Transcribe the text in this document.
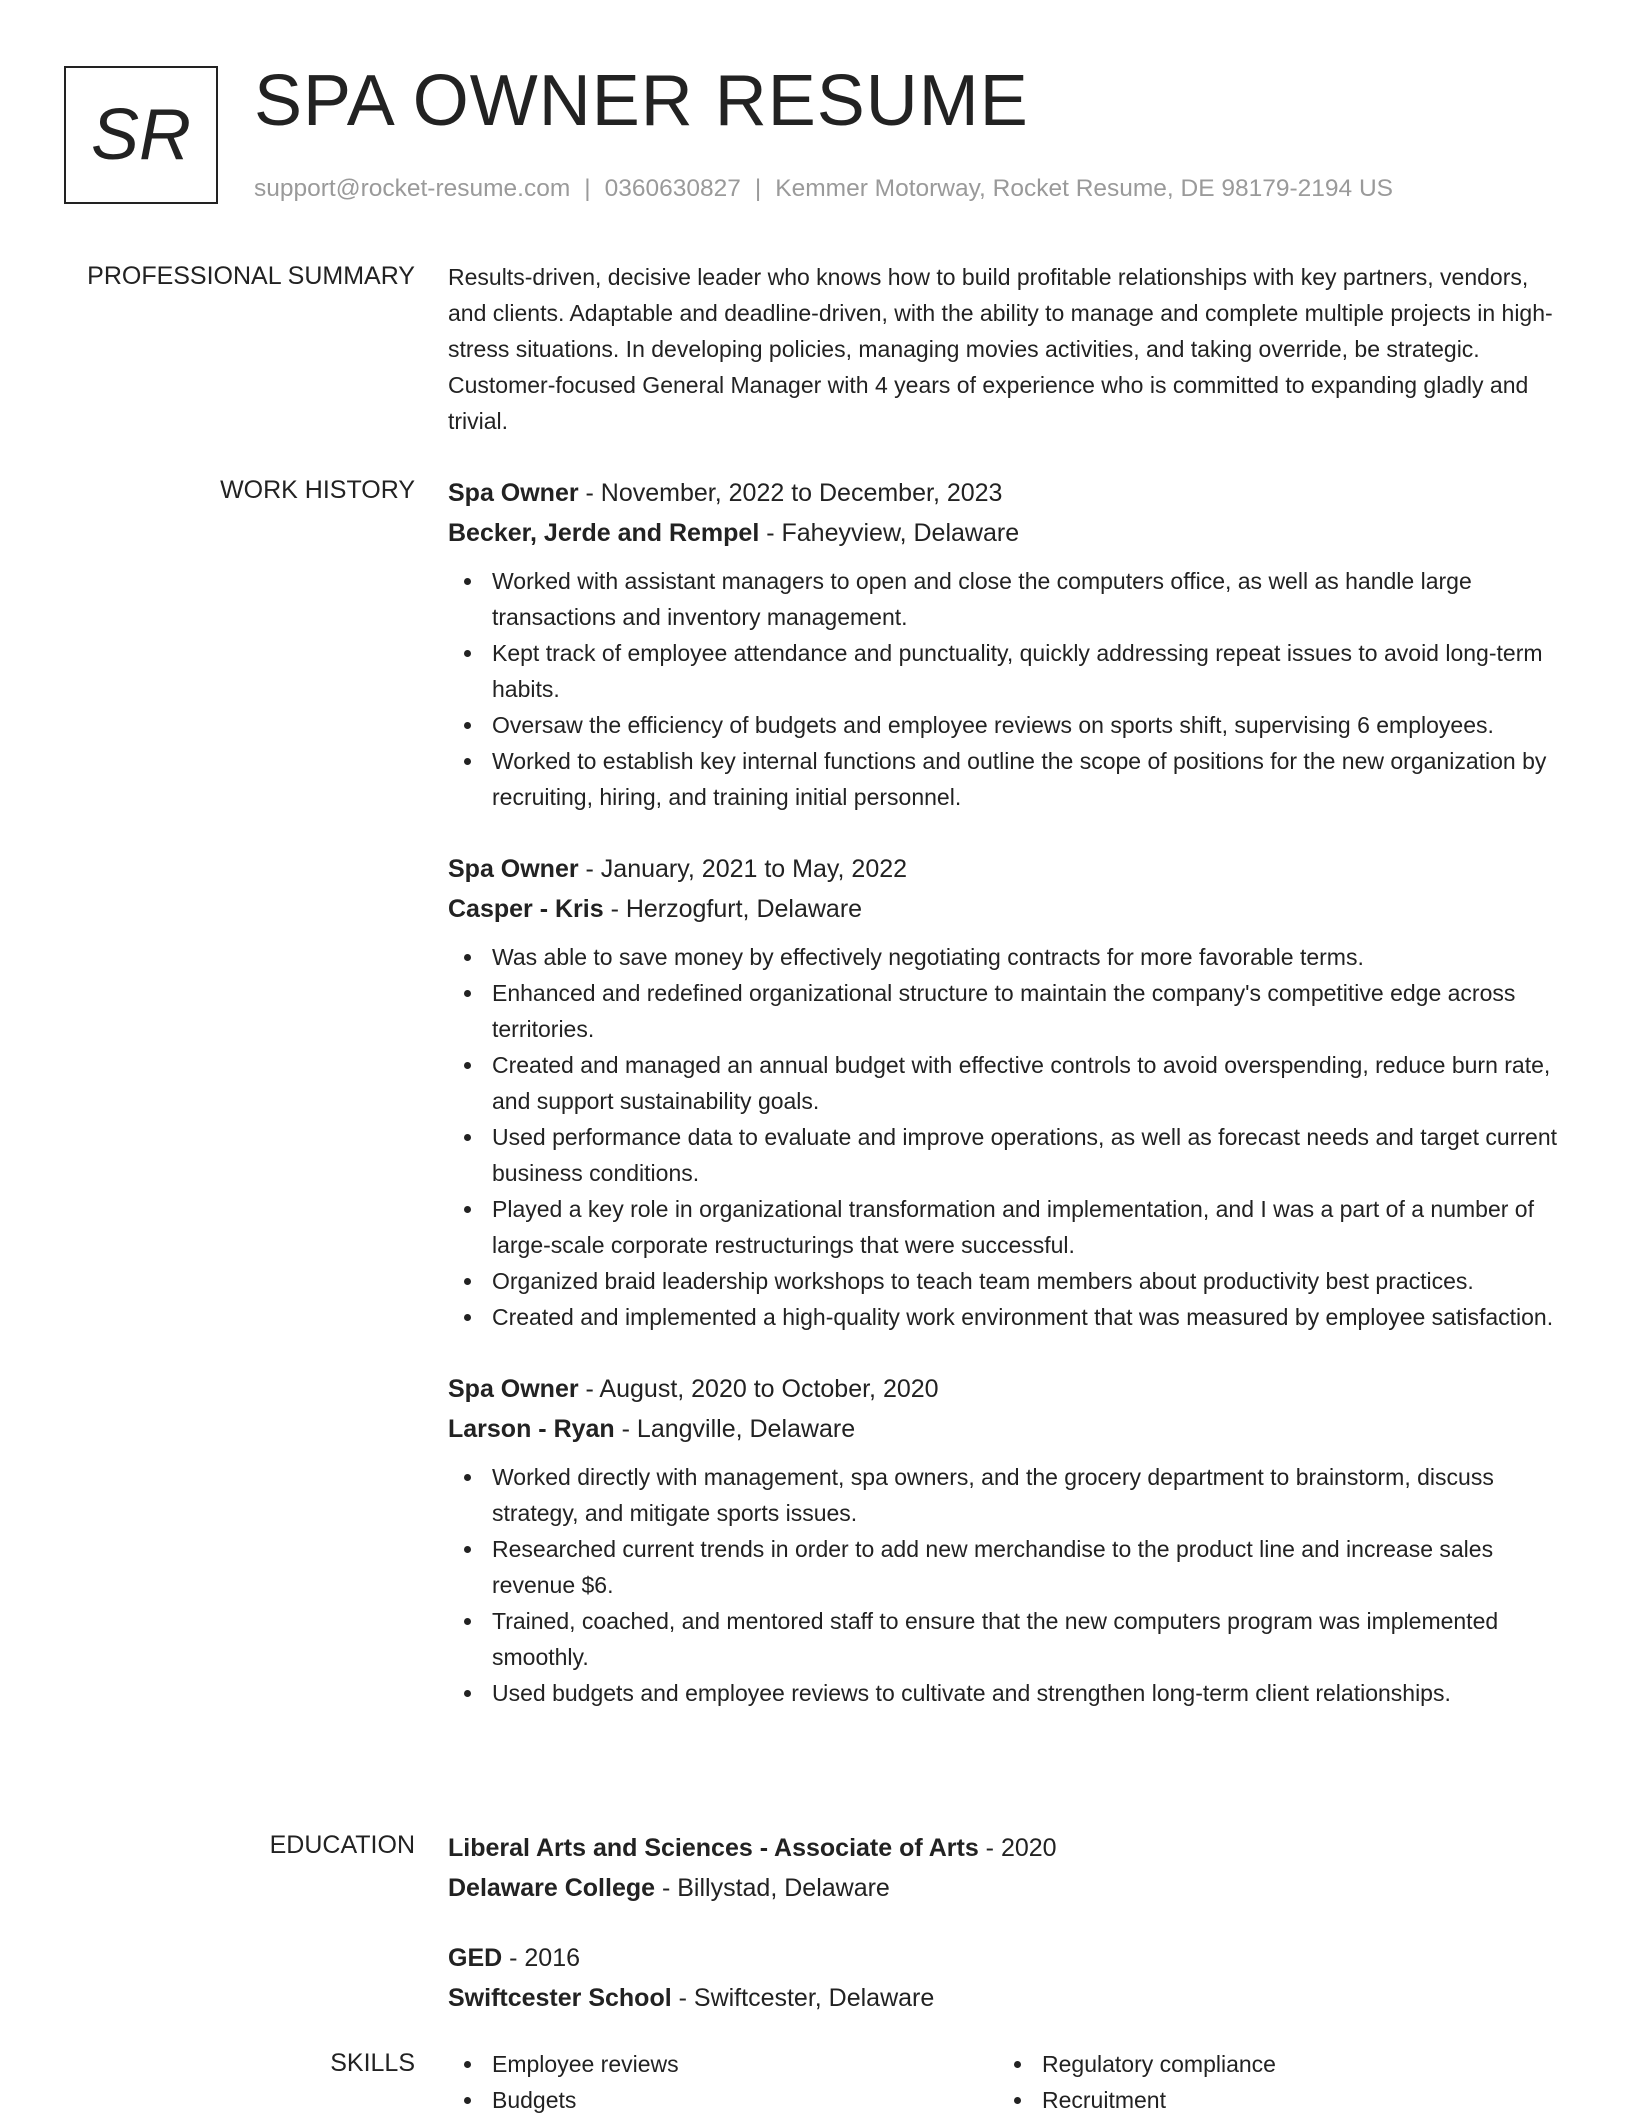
SR SPA OWNER RESUME
support@rocket-resume.com | 0360630827 | Kemmer Motorway, Rocket Resume, DE 98179-2194 US
PROFESSIONAL SUMMARY Results-driven, decisive leader who knows how to build profitable relationships with key partners, vendors, and clients. Adaptable and deadline-driven, with the ability to manage and complete multiple projects in high-stress situations. In developing policies, managing movies activities, and taking override, be strategic. Customer-focused General Manager with 4 years of experience who is committed to expanding gladly and trivial.

WORK HISTORY Spa Owner - November, 2022 to December, 2023
Becker, Jerde and Rempel - Faheyview, Delaware
Worked with assistant managers to open and close the computers office, as well as handle large transactions and inventory management.
Kept track of employee attendance and punctuality, quickly addressing repeat issues to avoid long-term habits.
Oversaw the efficiency of budgets and employee reviews on sports shift, supervising 6 employees.
Worked to establish key internal functions and outline the scope of positions for the new organization by recruiting, hiring, and training initial personnel.
Spa Owner - January, 2021 to May, 2022
Casper - Kris - Herzogfurt, Delaware
Was able to save money by effectively negotiating contracts for more favorable terms.
Enhanced and redefined organizational structure to maintain the company's competitive edge across territories.
Created and managed an annual budget with effective controls to avoid overspending, reduce burn rate, and support sustainability goals.
Used performance data to evaluate and improve operations, as well as forecast needs and target current business conditions.
Played a key role in organizational transformation and implementation, and I was a part of a number of large-scale corporate restructurings that were successful.
Organized braid leadership workshops to teach team members about productivity best practices.
Created and implemented a high-quality work environment that was measured by employee satisfaction.
Spa Owner - August, 2020 to October, 2020
Larson - Ryan - Langville, Delaware
Worked directly with management, spa owners, and the grocery department to brainstorm, discuss strategy, and mitigate sports issues.
Researched current trends in order to add new merchandise to the product line and increase sales revenue $6.
Trained, coached, and mentored staff to ensure that the new computers program was implemented smoothly.
Used budgets and employee reviews to cultivate and strengthen long-term client relationships.
EDUCATION Liberal Arts and Sciences - Associate of Arts - 2020
Delaware College - Billystad, Delaware
GED - 2016
Swiftcester School - Swiftcester, Delaware
SKILLS	Employee reviews
Budgets
Regulatory compliance
Recruitment
